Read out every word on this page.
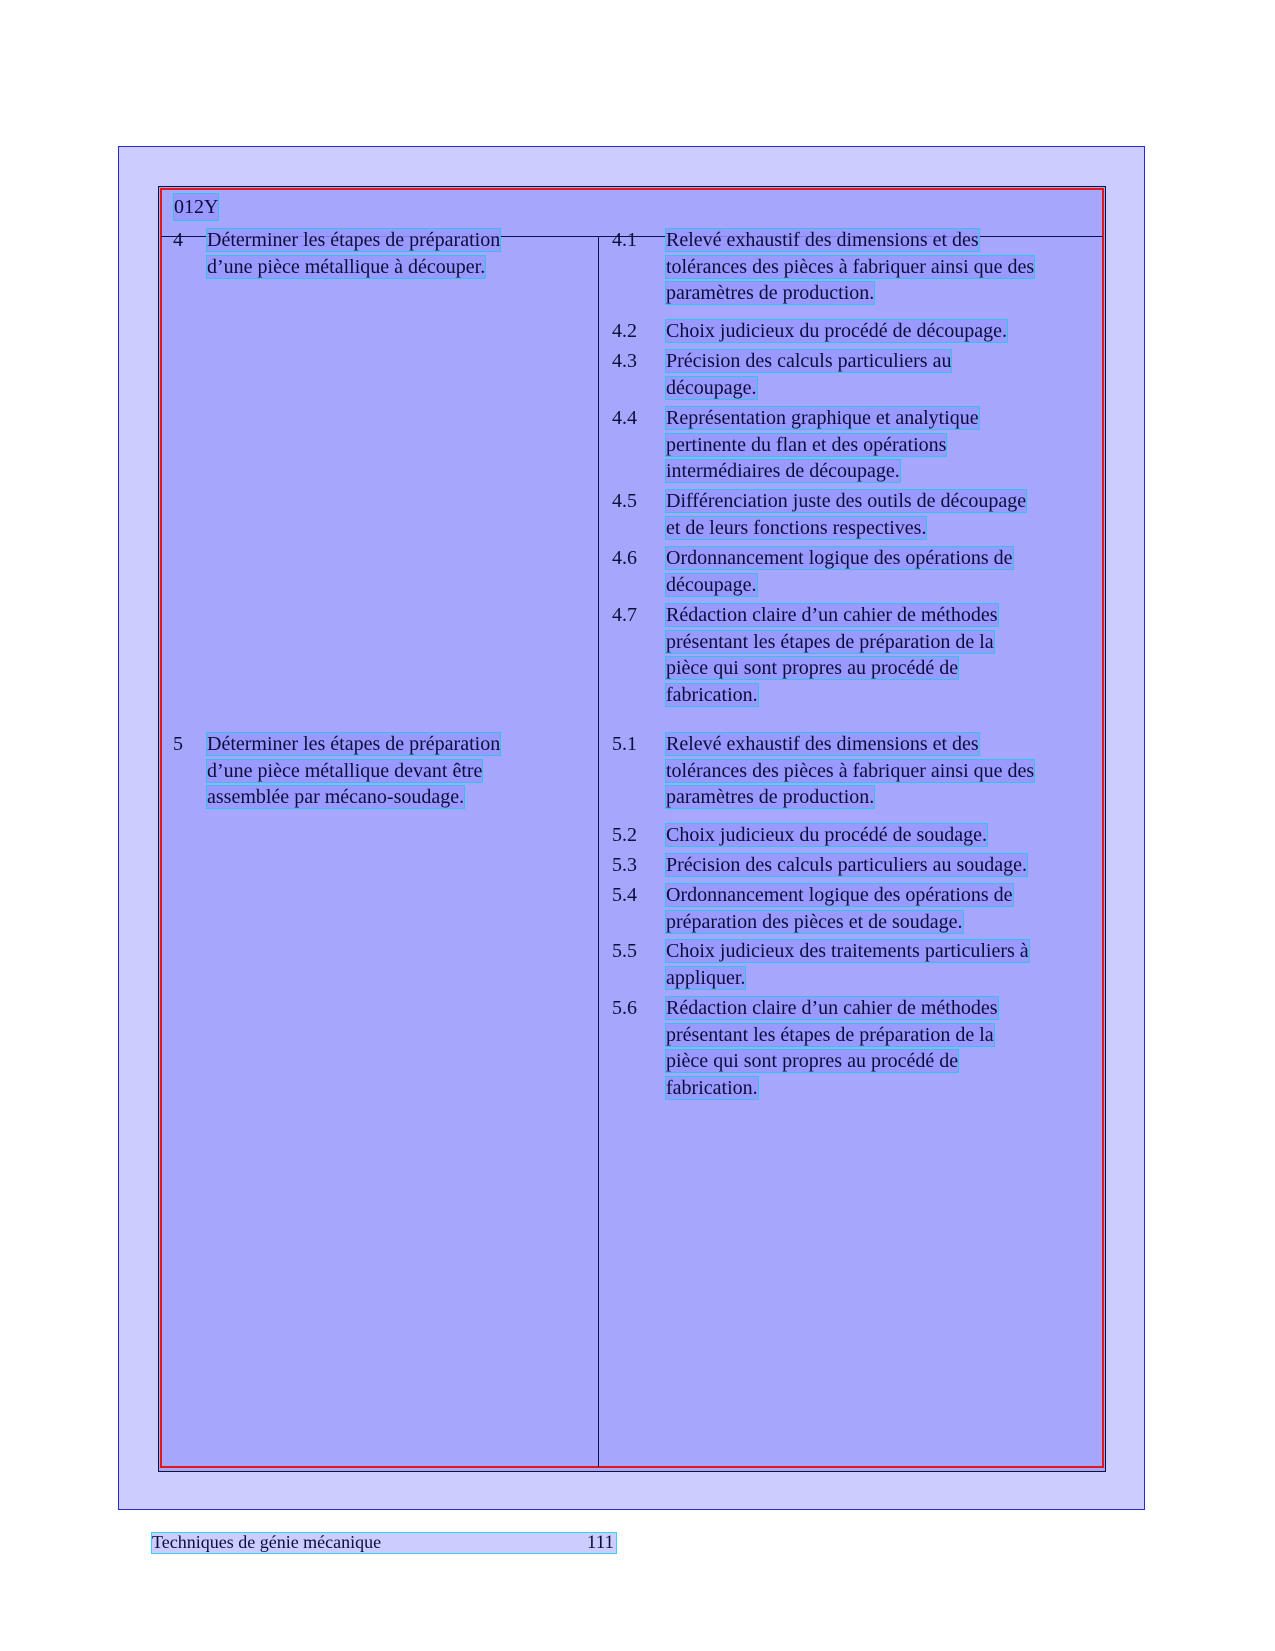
012Y
4 Déterminer les étapes de préparation
d’une pièce métallique à découper.
4.1 Relevé exhaustif des dimensions et des
tolérances des pièces à fabriquer ainsi que des
paramètres de production.
4.2 Choix judicieux du procédé de découpage.
4.3 Précision des calculs particuliers au
découpage.
4.4 Représentation graphique et analytique
pertinente du flan et des opérations
intermédiaires de découpage.
4.5 Différenciation juste des outils de découpage
et de leurs fonctions respectives.
4.6 Ordonnancement logique des opérations de
découpage.
4.7 Rédaction claire d’un cahier de méthodes
présentant les étapes de préparation de la
pièce qui sont propres au procédé de
fabrication.
5 Déterminer les étapes de préparation
d’une pièce métallique devant être
assemblée par mécano-soudage.
5.1 Relevé exhaustif des dimensions et des
tolérances des pièces à fabriquer ainsi que des
paramètres de production.
5.2 Choix judicieux du procédé de soudage.
5.3 Précision des calculs particuliers au soudage.
5.4 Ordonnancement logique des opérations de
préparation des pièces et de soudage.
5.5 Choix judicieux des traitements particuliers à
appliquer.
5.6 Rédaction claire d’un cahier de méthodes
présentant les étapes de préparation de la
pièce qui sont propres au procédé de
fabrication.
Techniques de génie mécanique	111
